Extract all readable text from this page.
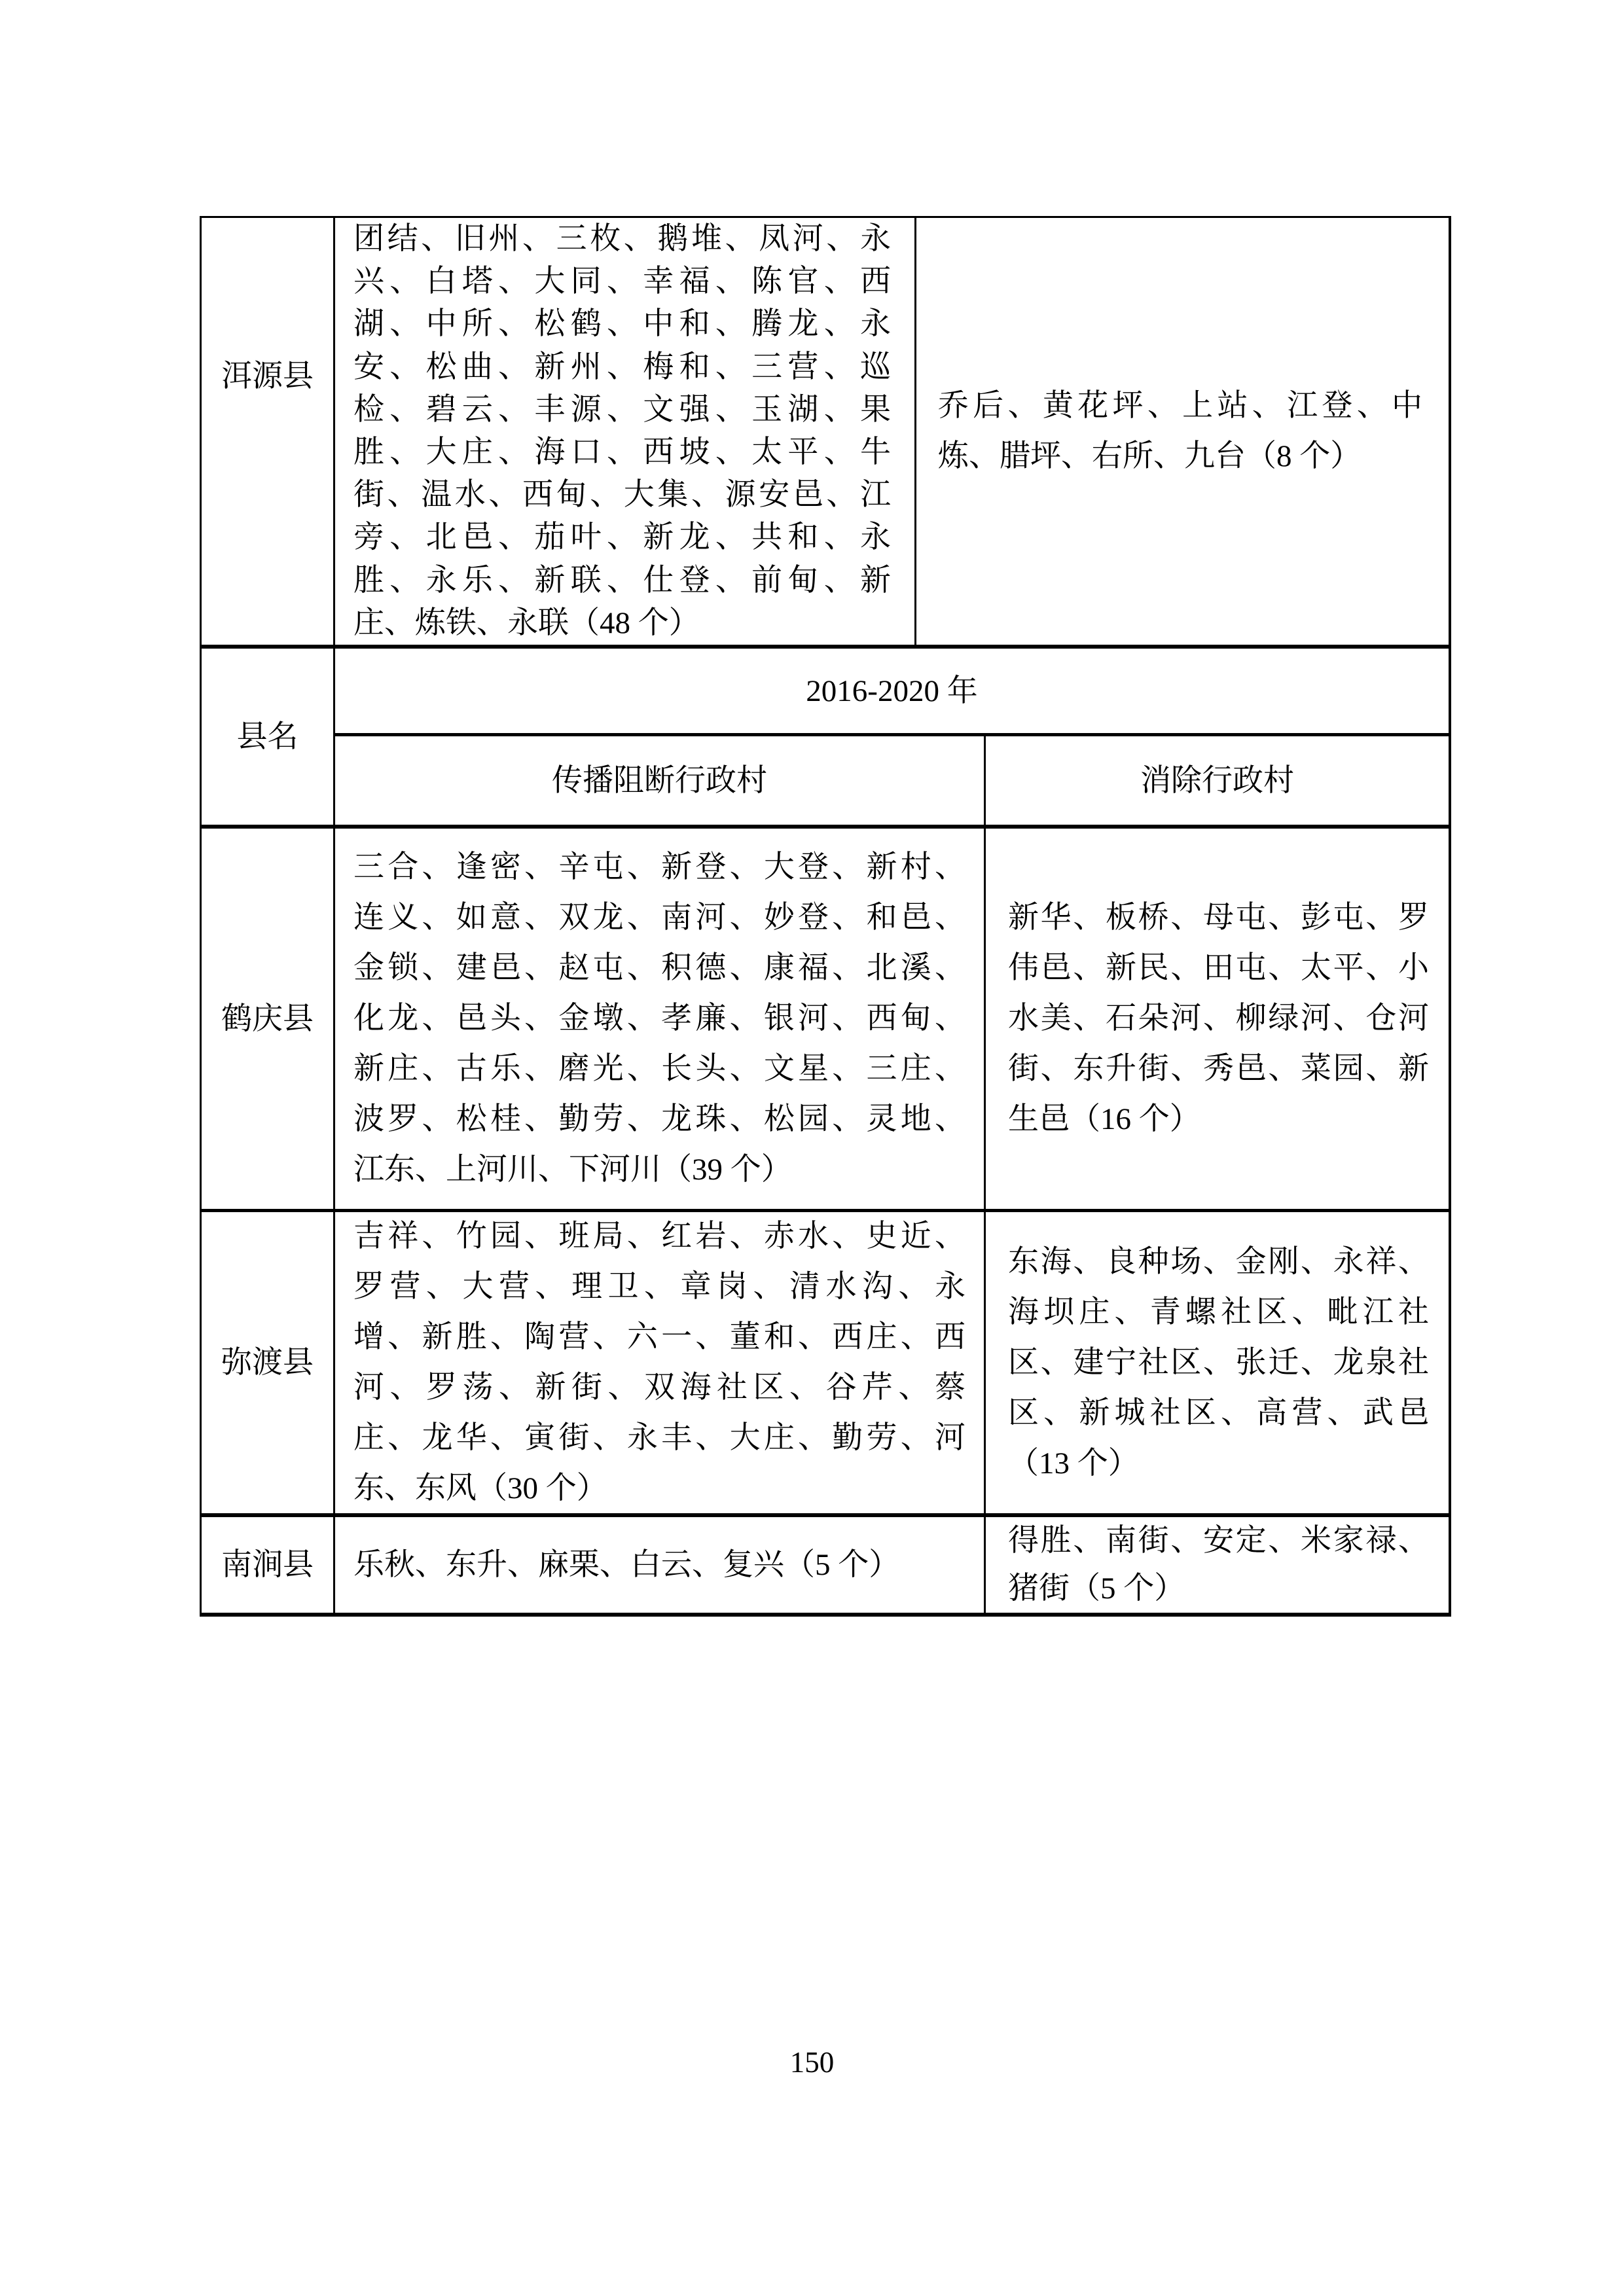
洱源县
团结、旧州、三枚、鹅堆、凤河、永
兴、白塔、大同、幸福、陈官、西
湖、中所、松鹤、中和、腾龙、永
安、松曲、新州、梅和、三营、巡
检、碧云、丰源、文强、玉湖、果
胜、大庄、海口、西坡、太平、牛
街、温水、西甸、大集、源安邑、江
旁、北邑、茄叶、新龙、共和、永
胜、永乐、新联、仕登、前甸、新
庄、炼铁、永联（48 个）
乔后、黄花坪、上站、江登、中
炼、腊坪、右所、九台（8 个）
县名
2016-2020 年
传播阻断行政村	消除行政村
鹤庆县
三合、逢密、辛屯、新登、大登、新村、
连义、如意、双龙、南河、妙登、和邑、
金锁、建邑、赵屯、积德、康福、北溪、
化龙、邑头、金墩、孝廉、银河、西甸、
新庄、古乐、磨光、长头、文星、三庄、
波罗、松桂、勤劳、龙珠、松园、灵地、
江东、上河川、下河川（39 个）
新华、板桥、母屯、彭屯、罗
伟邑、新民、田屯、太平、小
水美、石朵河、柳绿河、仓河
街、东升街、秀邑、菜园、新
生邑（16 个）
弥渡县
吉祥、竹园、班局、红岩、赤水、史近、
罗营、大营、理卫、章岗、清水沟、永
增、新胜、陶营、六一、董和、西庄、西
河、罗荡、新街、双海社区、谷芹、蔡
庄、龙华、寅街、永丰、大庄、勤劳、河
东、东风（30 个）
东海、良种场、金刚、永祥、
海坝庄、青螺社区、毗江社
区、建宁社区、张迁、龙泉社
区、新城社区、高营、武邑
（13 个）
南涧县	乐秋、东升、麻栗、白云、复兴（5 个）
得胜、南街、安定、米家禄、
猪街（5 个）
150
